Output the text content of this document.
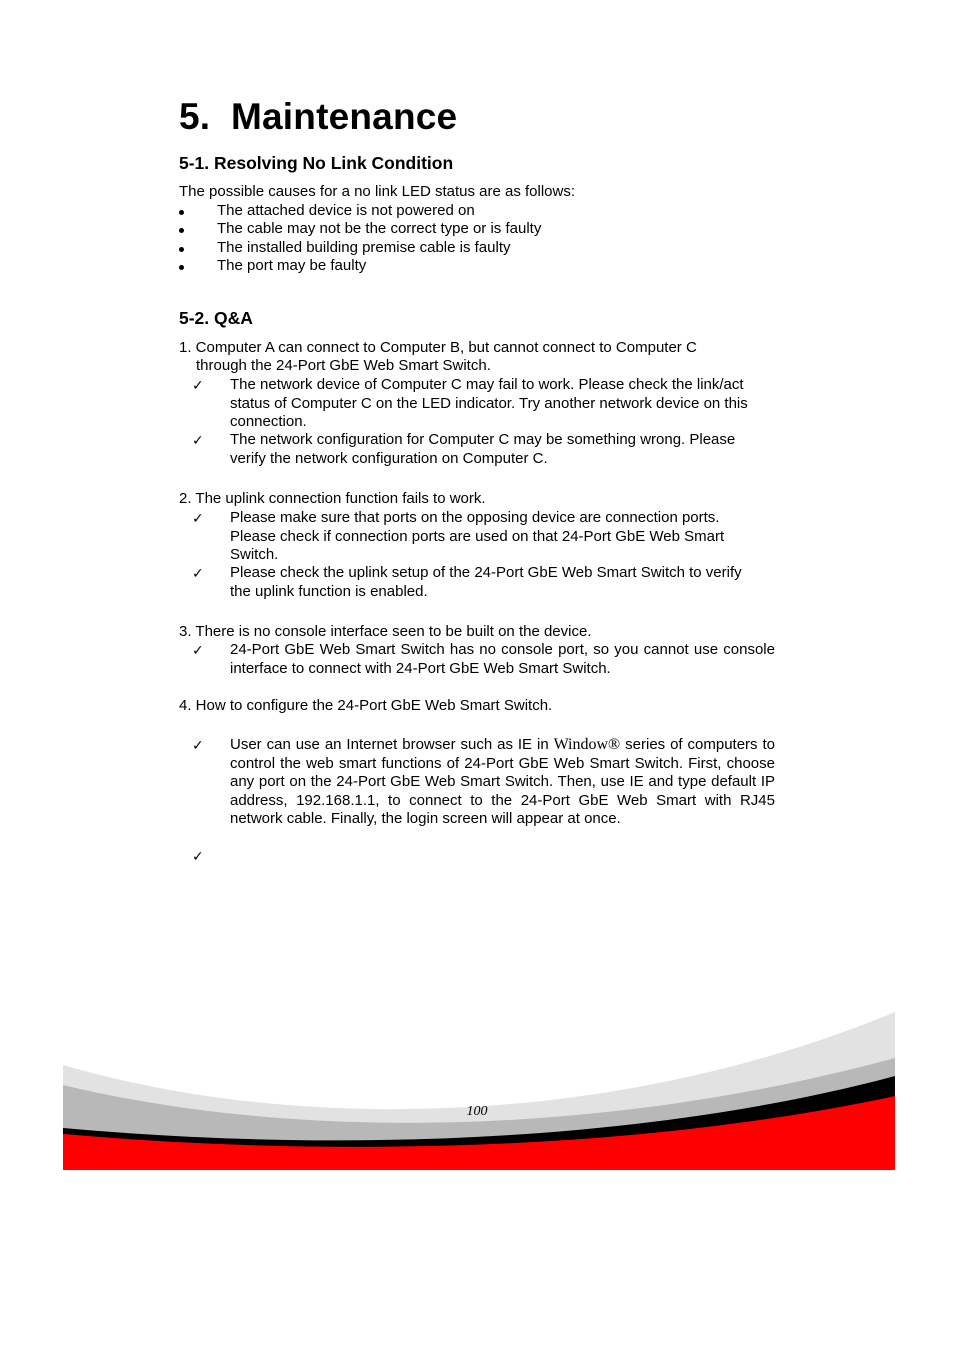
5. Maintenance
5-1. Resolving No Link Condition

The possible causes for a no link LED status are as follows:

The attached device is not powered on
The cable may not be the correct type or is faulty
The installed building premise cable is faulty
The port may be faulty
5-2. Q&A

1. Computer A can connect to Computer B, but cannot connect to Computer C

through the 24-Port GbE Web Smart Switch.

✓ The network device of Computer C may fail to work. Please check the link/act status of Computer C on the LED indicator. Try another network device on this connection.

✓ The network configuration for Computer C may be something wrong. Please verify the network configuration on Computer C.

2. The uplink connection function fails to work.

✓ Please make sure that ports on the opposing device are connection ports. Please check if connection ports are used on that 24-Port GbE Web Smart Switch.

✓ Please check the uplink setup of the 24-Port GbE Web Smart Switch to verify the uplink function is enabled.

3. There is no console interface seen to be built on the device.

✓ 24-Port GbE Web Smart Switch has no console port, so you cannot use console interface to connect with 24-Port GbE Web Smart Switch.

4. How to configure the 24-Port GbE Web Smart Switch.

✓ User can use an Internet browser such as IE in Window® series of computers to control the web smart functions of 24-Port GbE Web Smart Switch. First, choose any port on the 24-Port GbE Web Smart Switch. Then, use IE and type default IP address, 192.168.1.1, to connect to the 24-Port GbE Web Smart with RJ45 network cable. Finally, the login screen will appear at once.

✓
100
